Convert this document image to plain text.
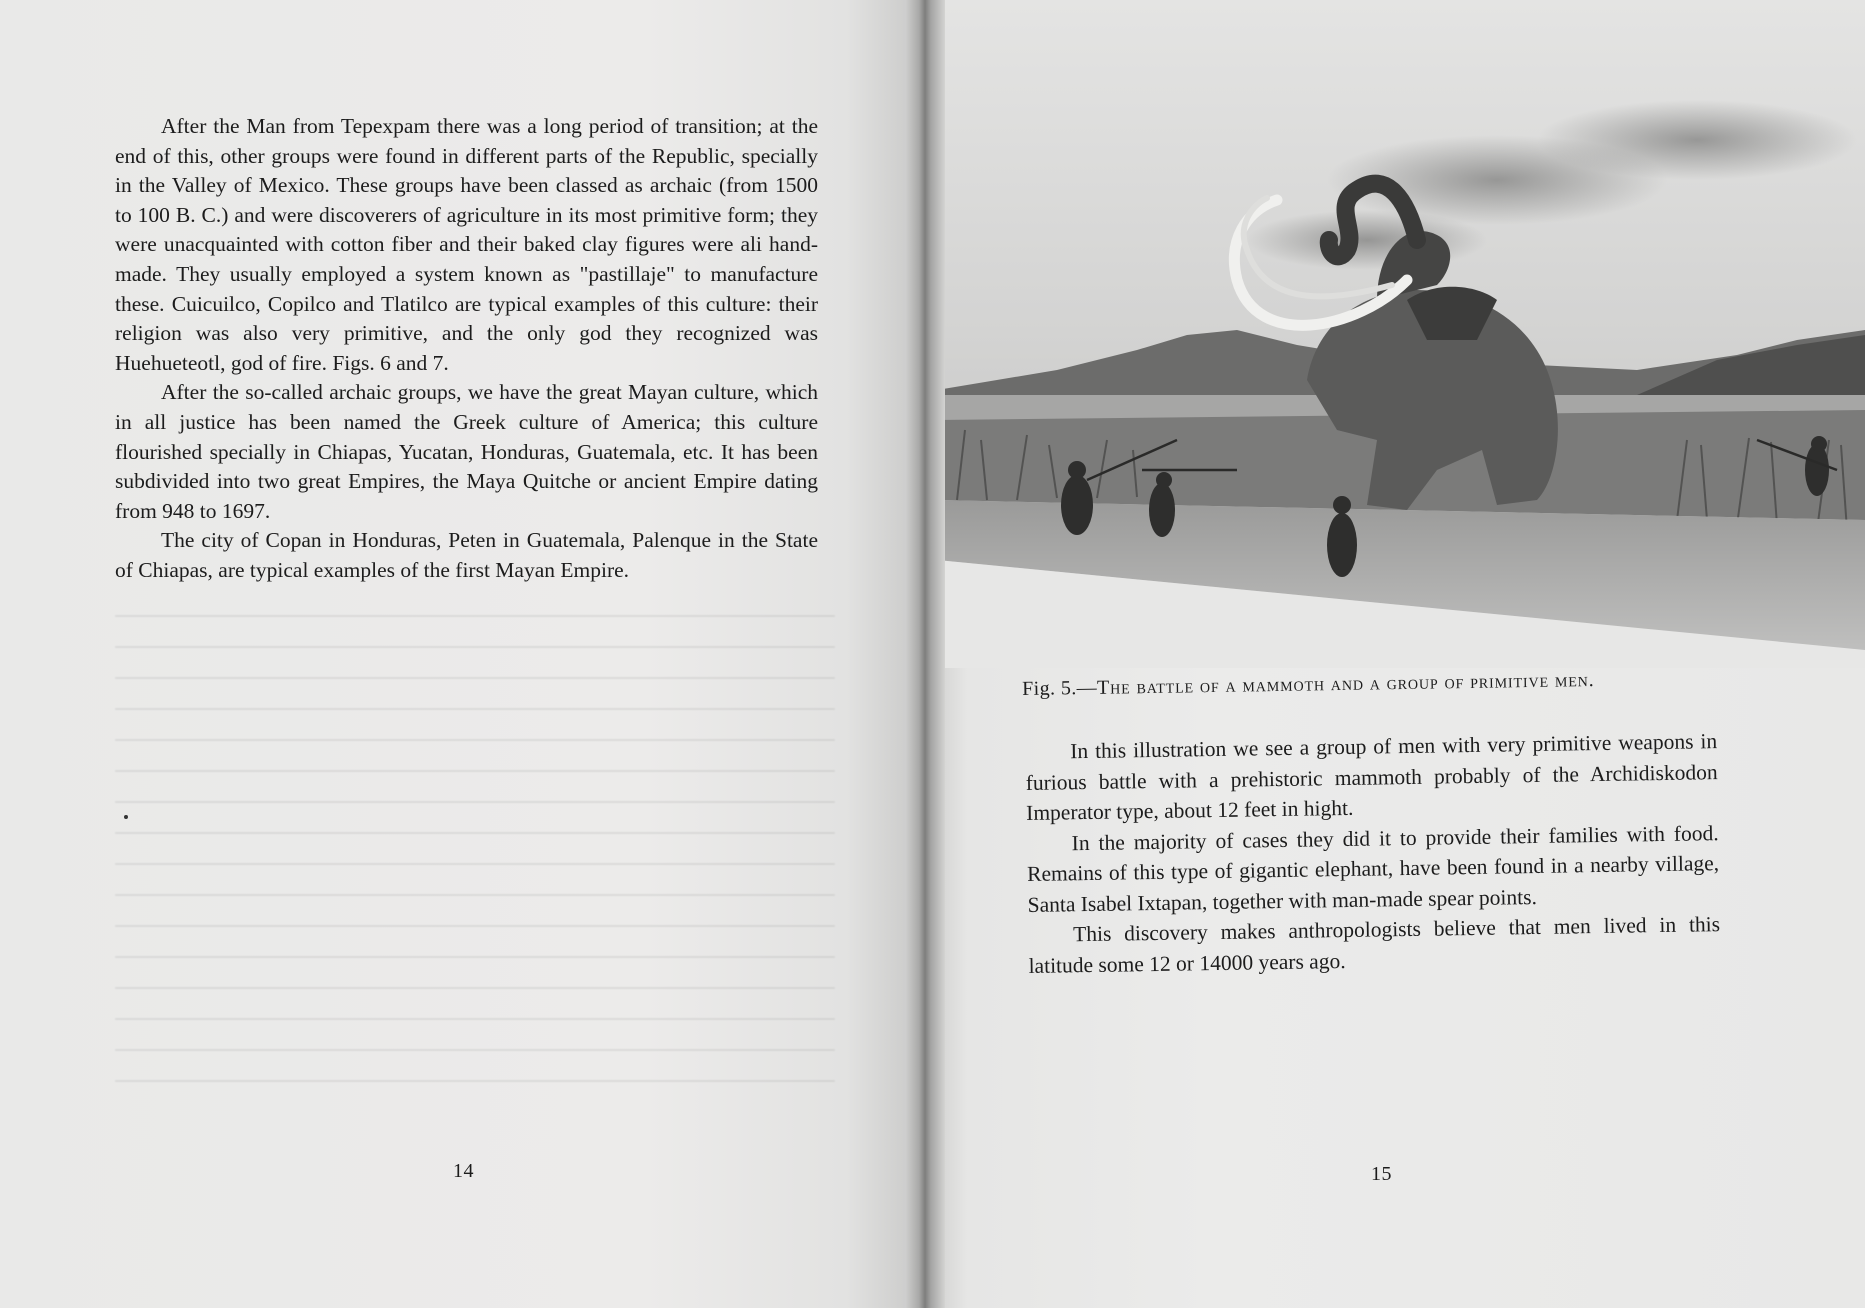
After the Man from Tepexpam there was a long period of transition; at the end of this, other groups were found in different parts of the Republic, specially in the Valley of Mexico. These groups have been classed as archaic (from 1500 to 100 B. C.) and were discoverers of agriculture in its most primitive form; they were unacquainted with cotton fiber and their baked clay figures were ali hand-made. They usually employed a system known as "pastillaje" to manufacture these. Cuicuilco, Copilco and Tlatilco are typical examples of this culture: their religion was also very primitive, and the only god they recognized was Huehueteotl, god of fire. Figs. 6 and 7.

After the so-called archaic groups, we have the great Mayan culture, which in all justice has been named the Greek culture of America; this culture flourished specially in Chiapas, Yucatan, Honduras, Guatemala, etc. It has been subdivided into two great Empires, the Maya Quitche or ancient Empire dating from 948 to 1697.

The city of Copan in Honduras, Peten in Guatemala, Palenque in the State of Chiapas, are typical examples of the first Mayan Empire.

14
Fig. 5.—The battle of a mammoth and a group of primitive men.

In this illustration we see a group of men with very primitive weapons in furious battle with a prehistoric mammoth probably of the Archidiskodon Imperator type, about 12 feet in hight.

In the majority of cases they did it to provide their families with food. Remains of this type of gigantic elephant, have been found in a nearby village, Santa Isabel Ixtapan, together with man-made spear points.

This discovery makes anthropologists believe that men lived in this latitude some 12 or 14000 years ago.

15
